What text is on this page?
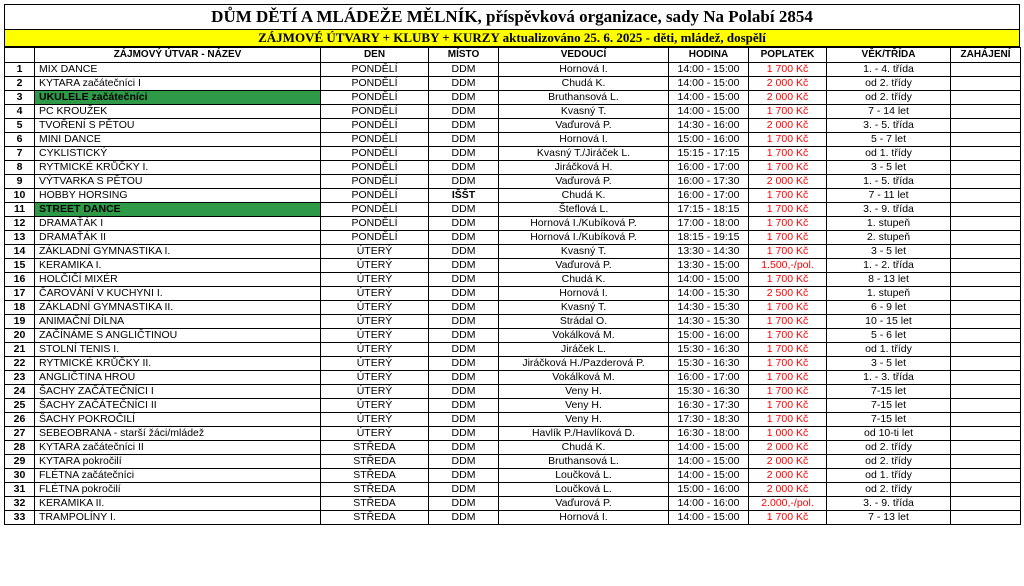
DŮM DĚTÍ A MLÁDEŽE MĚLNÍK, příspěvková organizace, sady Na Polabí 2854
ZÁJMOVÉ ÚTVARY + KLUBY + KURZY aktualizováno 25. 6. 2025 - děti, mládež, dospělí
	ZÁJMOVÝ ÚTVAR - NÁZEV	DEN	MÍSTO	VEDOUCÍ	HODINA	POPLATEK	VĚK/TŘÍDA	ZAHÁJENÍ
1	MIX DANCE	PONDĚLÍ	DDM	Hornová I.	14:00 - 15:00	1 700 Kč	1. - 4. třída	
2	KYTARA začátečníci I	PONDĚLÍ	DDM	Chudá K.	14:00 - 15:00	2 000 Kč	od 2. třídy	
3	UKULELE začátečníci	PONDĚLÍ	DDM	Bruthansová L.	14:00 - 15:00	2 000 Kč	od 2. třídy	
4	PC KROUŽEK	PONDĚLÍ	DDM	Kvasný T.	14:00 - 15:00	1 700 Kč	7 - 14 let	
5	TVOŘENÍ S PĚTOU	PONDĚLÍ	DDM	Vaďurová P.	14:30 - 16:00	2 000 Kč	3. - 5. třída	
6	MINI DANCE	PONDĚLÍ	DDM	Hornová I.	15:00 - 16:00	1 700 Kč	5 - 7 let	
7	CYKLISTICKÝ	PONDĚLÍ	DDM	Kvasný T./Jiráček L.	15:15 - 17:15	1 700 Kč	od 1. třídy	
8	RYTMICKÉ KRŮČKY I.	PONDĚLÍ	DDM	Jiráčková H.	16:00 - 17:00	1 700 Kč	3 - 5 let	
9	VÝTVARKA S PĚTOU	PONDĚLÍ	DDM	Vaďurová P.	16:00 - 17:30	2 000 Kč	1. - 5. třída	
10	HOBBY HORSING	PONDĚLÍ	IŠŠT	Chudá K.	16:00 - 17:00	1 700 Kč	7 - 11 let	
11	STREET DANCE	PONDĚLÍ	DDM	Šteflová L.	17:15 - 18:15	1 700 Kč	3. - 9. třída	
12	DRAMAŤÁK I	PONDĚLÍ	DDM	Hornová I./Kubíková P.	17:00 - 18:00	1 700 Kč	1. stupeň	
13	DRAMAŤÁK II	PONDĚLÍ	DDM	Hornová I./Kubíková P.	18:15 - 19:15	1 700 Kč	2. stupeň	
14	ZÁKLADNÍ GYMNASTIKA I.	ÚTERÝ	DDM	Kvasný T.	13:30 - 14:30	1 700 Kč	3 - 5 let	
15	KERAMIKA I.	ÚTERÝ	DDM	Vaďurová P.	13:30 - 15:00	1.500,-/pol.	1. - 2. třída	
16	HOLČIČÍ MIXÉR	ÚTERÝ	DDM	Chudá K.	14:00 - 15:00	1 700 Kč	8 - 13 let	
17	ČAROVÁNÍ V KUCHYNI I.	ÚTERÝ	DDM	Hornová I.	14:00 - 15:30	2 500 Kč	1. stupeň	
18	ZÁKLADNÍ GYMNASTIKA II.	ÚTERÝ	DDM	Kvasný T.	14:30 - 15:30	1 700 Kč	6 - 9 let	
19	ANIMAČNÍ DÍLNA	ÚTERÝ	DDM	Strádal O.	14:30 - 15:30	1 700 Kč	10 - 15 let	
20	ZAČÍNÁME S ANGLIČTINOU	ÚTERÝ	DDM	Vokálková M.	15:00 - 16:00	1 700 Kč	5 - 6 let	
21	STOLNÍ TENIS I.	ÚTERÝ	DDM	Jiráček L.	15:30 - 16:30	1 700 Kč	od 1. třídy	
22	RYTMICKÉ KRŮČKY II.	ÚTERÝ	DDM	Jiráčková H./Pazderová P.	15:30 - 16:30	1 700 Kč	3 - 5 let	
23	ANGLIČTINA HROU	ÚTERÝ	DDM	Vokálková M.	16:00 - 17:00	1 700 Kč	1. - 3. třída	
24	ŠACHY ZAČÁTEČNÍCI I	ÚTERÝ	DDM	Veny H.	15:30 - 16:30	1 700 Kč	7-15 let	
25	ŠACHY ZAČÁTEČNÍCI II	ÚTERÝ	DDM	Veny H.	16:30 - 17:30	1 700 Kč	7-15 let	
26	ŠACHY POKROČILÍ	ÚTERÝ	DDM	Veny H.	17:30 - 18:30	1 700 Kč	7-15 let	
27	SEBEOBRANA - starší žáci/mládež	ÚTERÝ	DDM	Havlík P./Havlíková D.	16:30 - 18:00	1 000 Kč	od 10-ti let	
28	KYTARA začátečníci II	STŘEDA	DDM	Chudá K.	14:00 - 15:00	2 000 Kč	od 2. třídy	
29	KYTARA pokročilí	STŘEDA	DDM	Bruthansová L.	14:00 - 15:00	2 000 Kč	od 2. třídy	
30	FLÉTNA začátečníci	STŘEDA	DDM	Loučková L.	14:00 - 15:00	2 000 Kč	od 1. třídy	
31	FLÉTNA pokročilí	STŘEDA	DDM	Loučková L.	15:00 - 16:00	2 000 Kč	od 2. třídy	
32	KERAMIKA II.	STŘEDA	DDM	Vaďurová P.	14:00 - 16:00	2.000,-/pol.	3. - 9. třída	
33	TRAMPOLÍNY I.	STŘEDA	DDM	Hornová I.	14:00 - 15:00	1 700 Kč	7 - 13 let	
